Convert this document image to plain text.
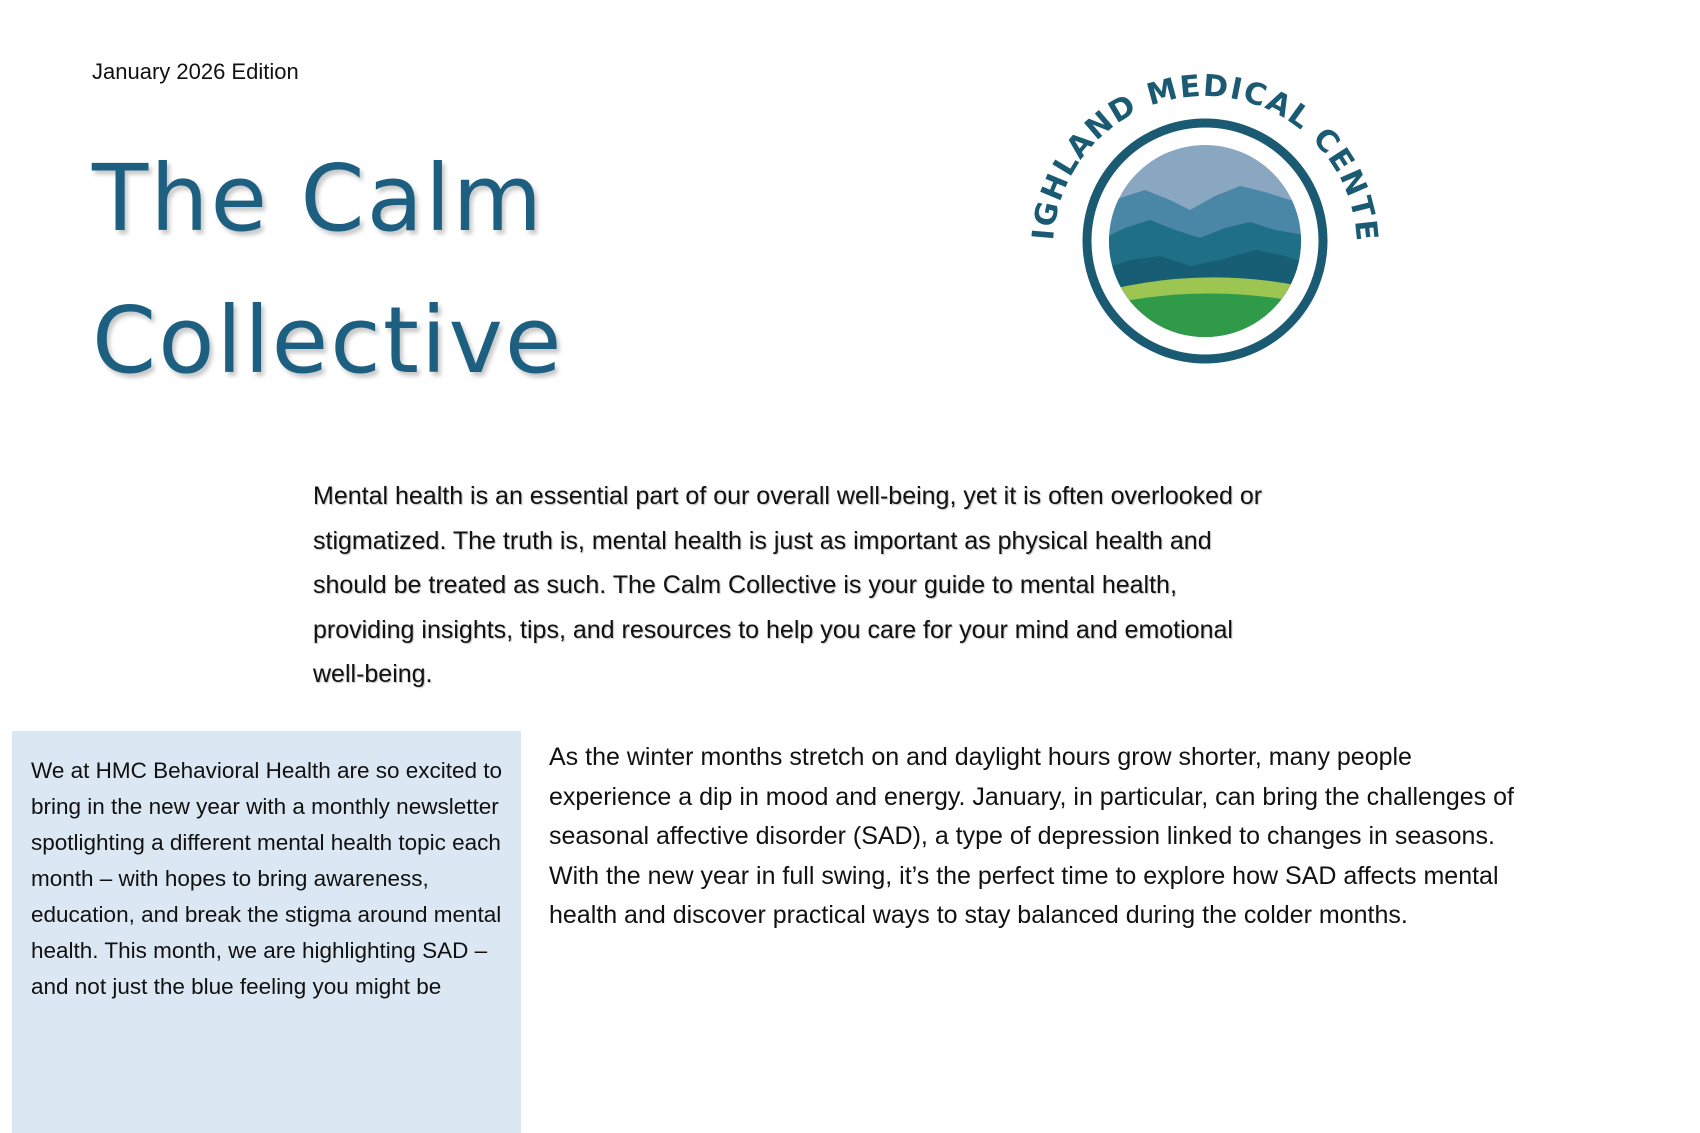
January 2026 Edition
The Calm
Collective
IGHLAND MEDICAL CENTE
Mental health is an essential part of our overall well-being, yet it is often overlooked or stigmatized. The truth is, mental health is just as important as physical health and should be treated as such. The Calm Collective is your guide to mental health, providing insights, tips, and resources to help you care for your mind and emotional well-being.
We at HMC Behavioral Health are so excited to bring in the new year with a monthly newsletter spotlighting a different mental health topic each month – with hopes to bring awareness, education, and break the stigma around mental health. This month, we are highlighting SAD – and not just the blue feeling you might be
As the winter months stretch on and daylight hours grow shorter, many people experience a dip in mood and energy. January, in particular, can bring the challenges of seasonal affective disorder (SAD), a type of depression linked to changes in seasons. With the new year in full swing, it’s the perfect time to explore how SAD affects mental health and discover practical ways to stay balanced during the colder months.
